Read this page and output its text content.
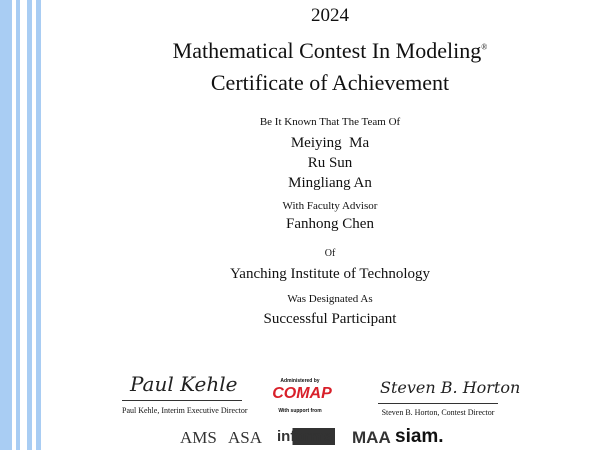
2024
Mathematical Contest In Modeling®
Certificate of Achievement
Be It Known That The Team Of
Meiying  Ma
Ru Sun
Mingliang An
With Faculty Advisor
Fanhong Chen
Of
Yanching Institute of Technology
Was Designated As
Successful Participant
Paul Kehle
Paul Kehle, Interim Executive Director
Administered by
COMAP
With support from
Steven B. Horton
Steven B. Horton, Contest Director
AMS ASA informs MAA siam.
